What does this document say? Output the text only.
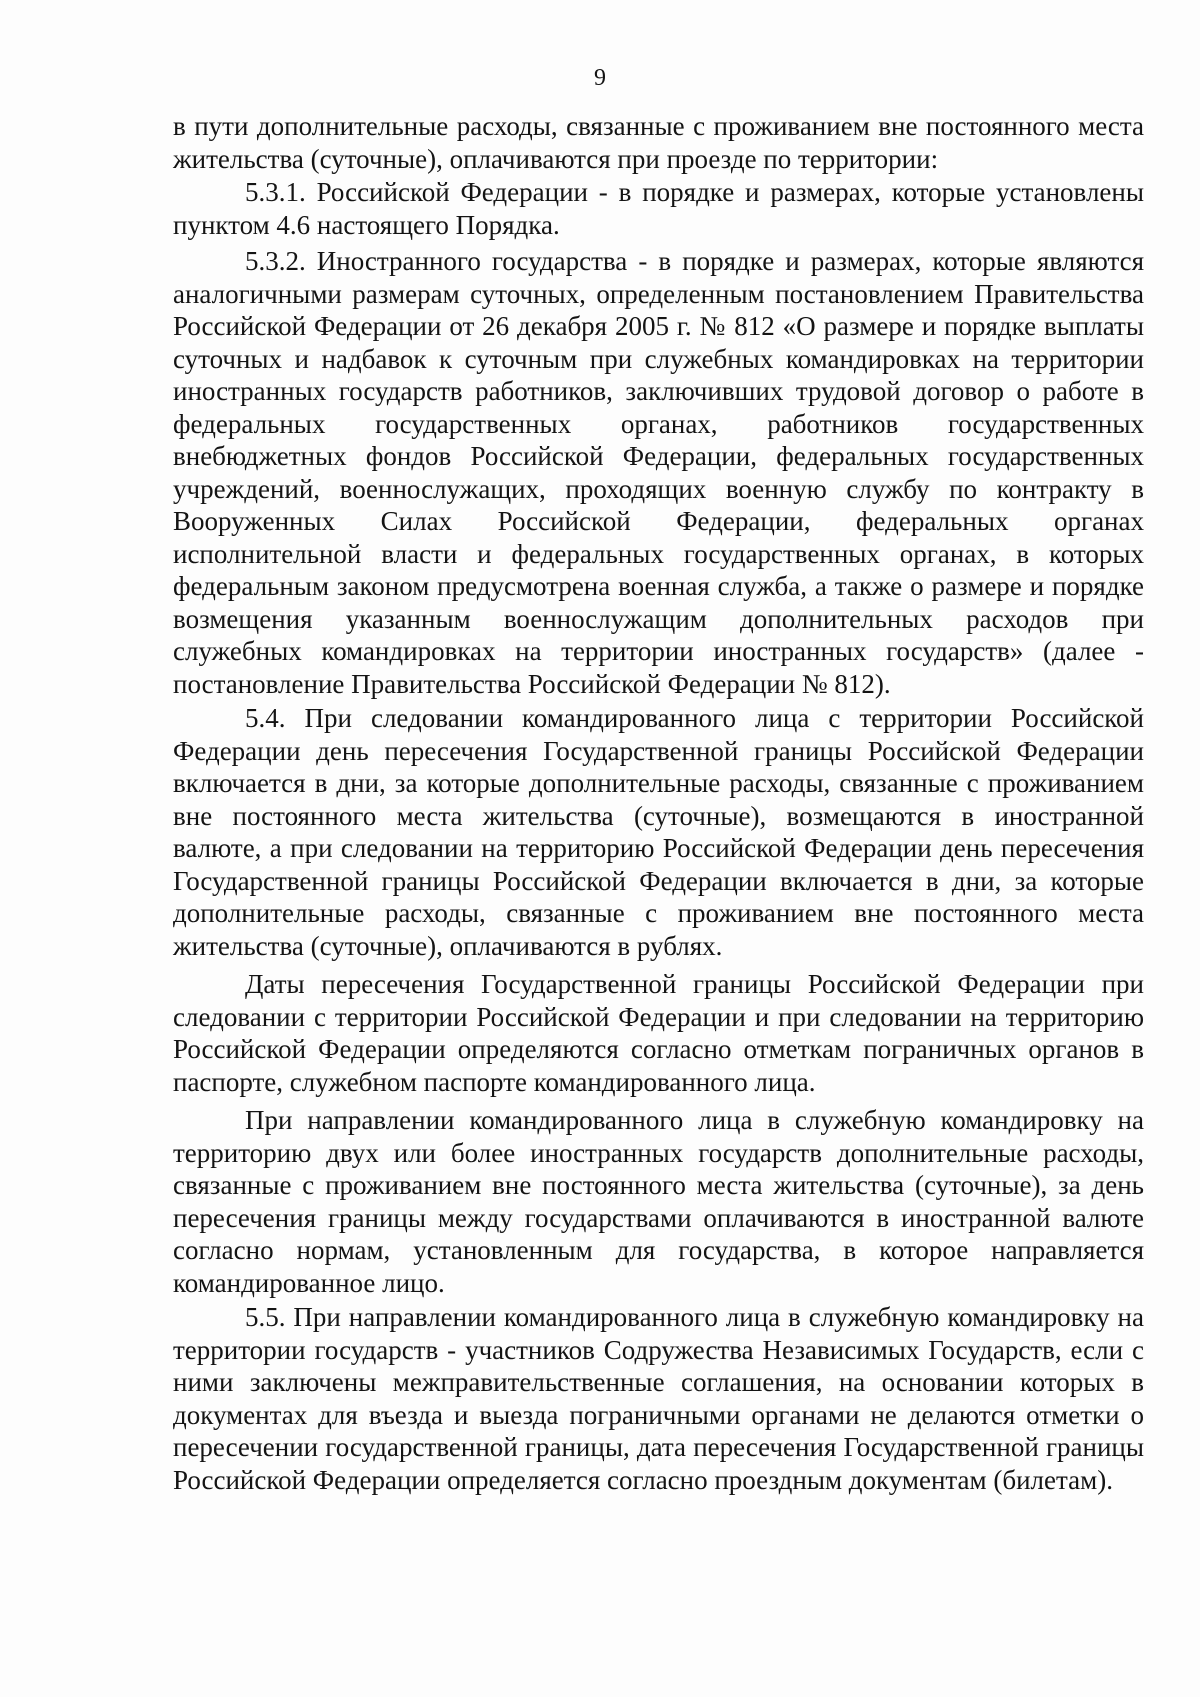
9

в пути дополнительные расходы, связанные с проживанием вне постоянного места жительства (суточные), оплачиваются при проезде по территории:

5.3.1. Российской Федерации - в порядке и размерах, которые установлены пунктом 4.6 настоящего Порядка.

5.3.2. Иностранного государства - в порядке и размерах, которые являются аналогичными размерам суточных, определенным постановлением Правительства Российской Федерации от 26 декабря 2005 г. № 812 «О размере и порядке выплаты суточных и надбавок к суточным при служебных командировках на территории иностранных государств работников, заключивших трудовой договор о работе в федеральных государственных органах, работников государственных внебюджетных фондов Российской Федерации, федеральных государственных учреждений, военнослужащих, проходящих военную службу по контракту в Вооруженных Силах Российской Федерации, федеральных органах исполнительной власти и федеральных государственных органах, в которых федеральным законом предусмотрена военная служба, а также о размере и порядке возмещения указанным военнослужащим дополнительных расходов при служебных командировках на территории иностранных государств» (далее - постановление Правительства Российской Федерации № 812).

5.4. При следовании командированного лица с территории Российской Федерации день пересечения Государственной границы Российской Федерации включается в дни, за которые дополнительные расходы, связанные с проживанием вне постоянного места жительства (суточные), возмещаются в иностранной валюте, а при следовании на территорию Российской Федерации день пересечения Государственной границы Российской Федерации включается в дни, за которые дополнительные расходы, связанные с проживанием вне постоянного места жительства (суточные), оплачиваются в рублях.

Даты пересечения Государственной границы Российской Федерации при следовании с территории Российской Федерации и при следовании на территорию Российской Федерации определяются согласно отметкам пограничных органов в паспорте, служебном паспорте командированного лица.

При направлении командированного лица в служебную командировку на территорию двух или более иностранных государств дополнительные расходы, связанные с проживанием вне постоянного места жительства (суточные), за день пересечения границы между государствами оплачиваются в иностранной валюте согласно нормам, установленным для государства, в которое направляется командированное лицо.

5.5. При направлении командированного лица в служебную командировку на территории государств - участников Содружества Независимых Государств, если с ними заключены межправительственные соглашения, на основании которых в документах для въезда и выезда пограничными органами не делаются отметки о пересечении государственной границы, дата пересечения Государственной границы Российской Федерации определяется согласно проездным документам (билетам).
